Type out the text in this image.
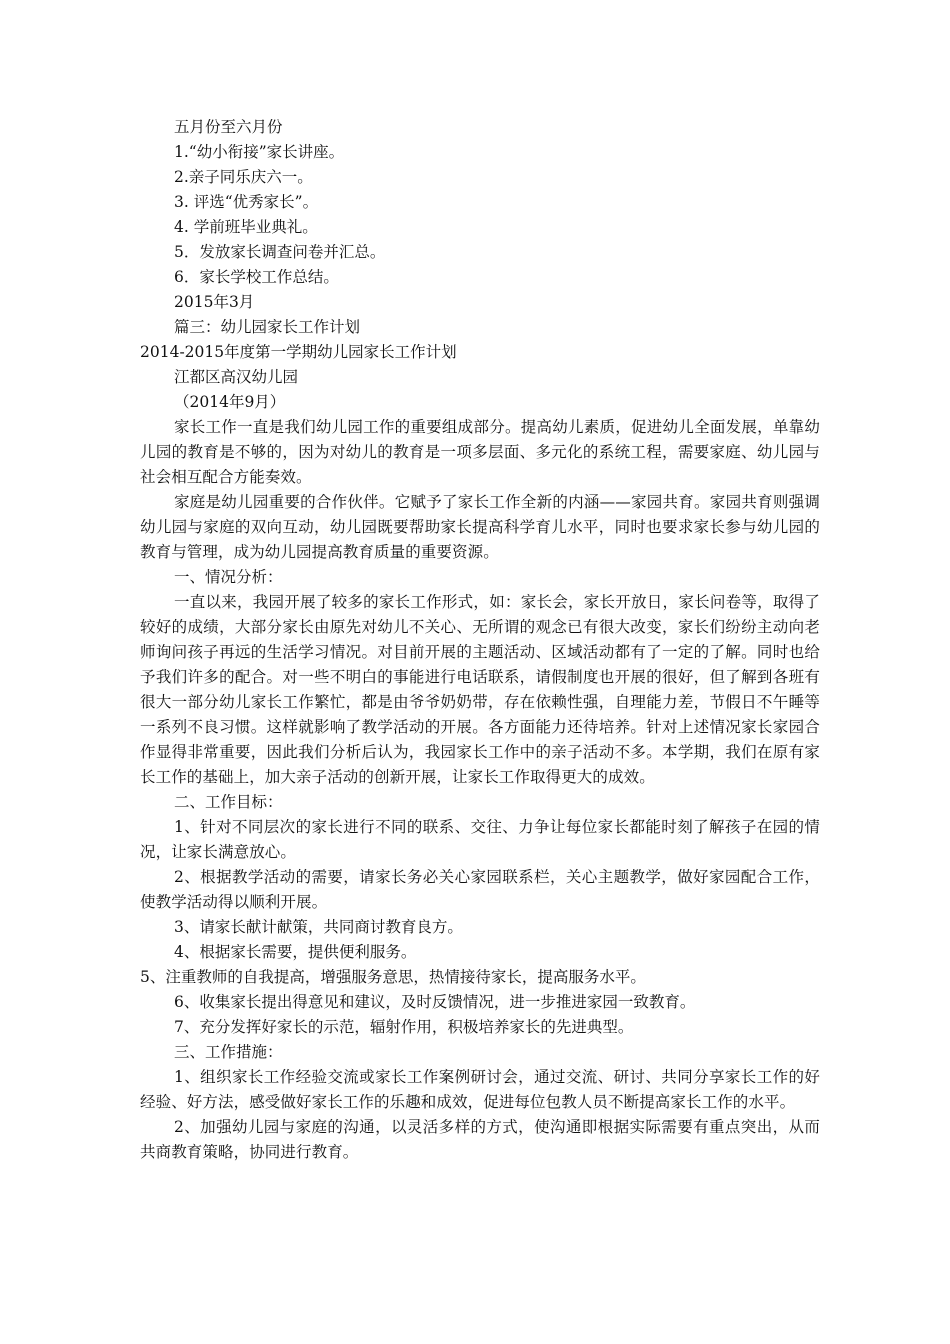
五月份至六月份
1.“幼小衔接”家长讲座。
2.亲子同乐庆六一。
3. 评选“优秀家长”。
4. 学前班毕业典礼。
5．发放家长调查问卷并汇总。
6．家长学校工作总结。
2015年3月
篇三：幼儿园家长工作计划
2014-2015年度第一学期幼儿园家长工作计划
江都区高汉幼儿园
（2014年9月）
家长工作一直是我们幼儿园工作的重要组成部分。提高幼儿素质，促进幼儿全面发展，单靠幼儿园的教育是不够的，因为对幼儿的教育是一项多层面、多元化的系统工程，需要家庭、幼儿园与社会相互配合方能奏效。
家庭是幼儿园重要的合作伙伴。它赋予了家长工作全新的内涵——家园共育。家园共育则强调幼儿园与家庭的双向互动，幼儿园既要帮助家长提高科学育儿水平，同时也要求家长参与幼儿园的教育与管理，成为幼儿园提高教育质量的重要资源。
一、情况分析：
一直以来，我园开展了较多的家长工作形式，如：家长会，家长开放日，家长问卷等，取得了较好的成绩，大部分家长由原先对幼儿不关心、无所谓的观念已有很大改变，家长们纷纷主动向老师询问孩子再远的生活学习情况。对目前开展的主题活动、区域活动都有了一定的了解。同时也给予我们许多的配合。对一些不明白的事能进行电话联系，请假制度也开展的很好，但了解到各班有很大一部分幼儿家长工作繁忙，都是由爷爷奶奶带，存在依赖性强，自理能力差，节假日不午睡等一系列不良习惯。这样就影响了教学活动的开展。各方面能力还待培养。针对上述情况家长家园合作显得非常重要，因此我们分析后认为，我园家长工作中的亲子活动不多。本学期，我们在原有家长工作的基础上，加大亲子活动的创新开展，让家长工作取得更大的成效。
二、工作目标：
1、针对不同层次的家长进行不同的联系、交往、力争让每位家长都能时刻了解孩子在园的情况，让家长满意放心。
2、根据教学活动的需要，请家长务必关心家园联系栏，关心主题教学，做好家园配合工作，使教学活动得以顺利开展。
3、请家长献计献策，共同商讨教育良方。
4、根据家长需要，提供便利服务。
5、注重教师的自我提高，增强服务意思，热情接待家长，提高服务水平。
6、收集家长提出得意见和建议，及时反馈情况，进一步推进家园一致教育。
7、充分发挥好家长的示范，辐射作用，积极培养家长的先进典型。
三、工作措施：
1、组织家长工作经验交流或家长工作案例研讨会，通过交流、研讨、共同分享家长工作的好经验、好方法，感受做好家长工作的乐趣和成效，促进每位包教人员不断提高家长工作的水平。
2、加强幼儿园与家庭的沟通，以灵活多样的方式，使沟通即根据实际需要有重点突出，从而共商教育策略，协同进行教育。
